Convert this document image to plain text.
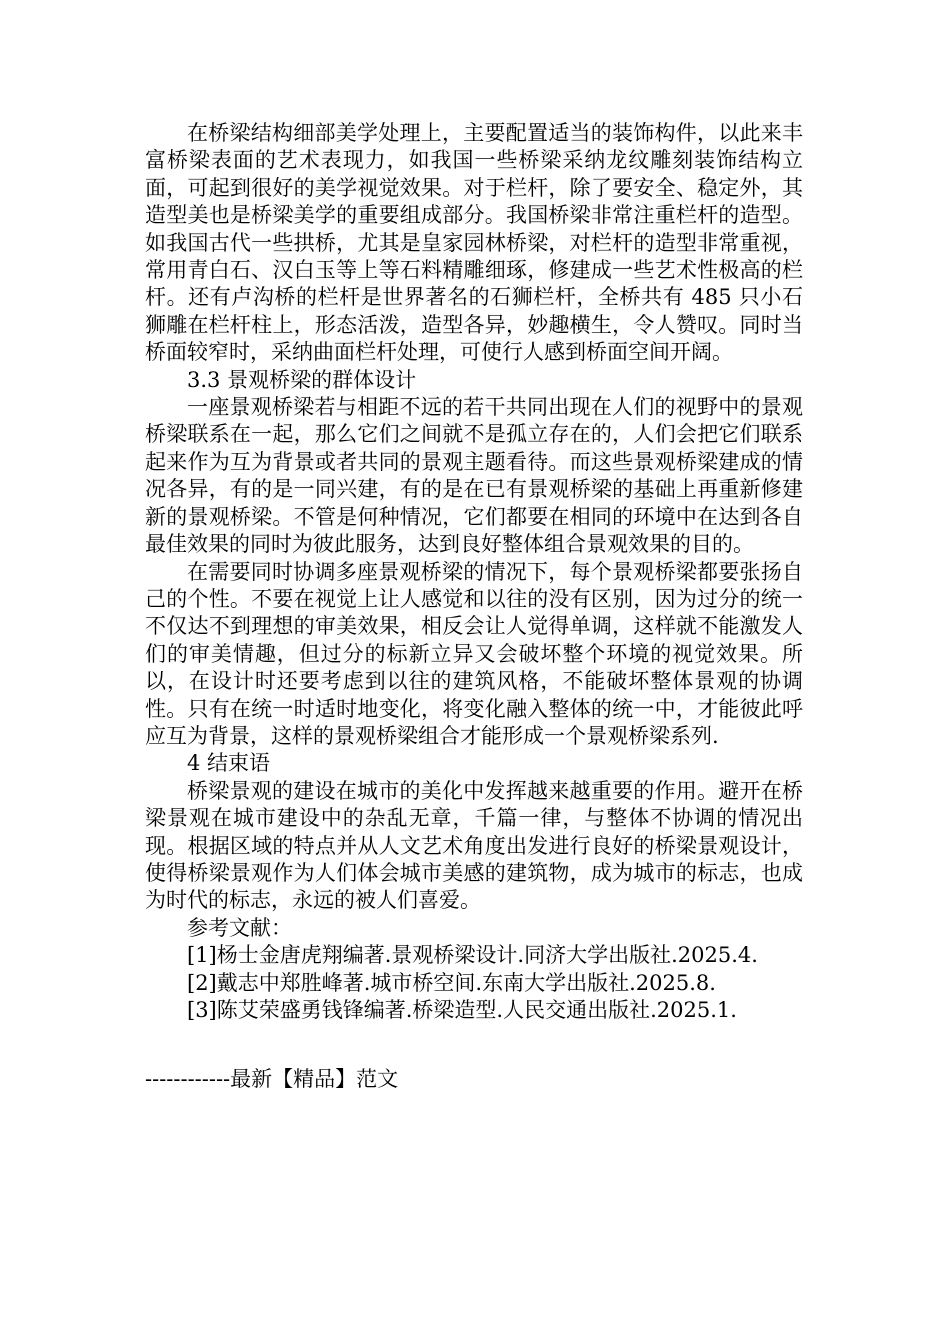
在桥梁结构细部美学处理上，主要配置适当的装饰构件，以此来丰富桥梁表面的艺术表现力，如我国一些桥梁采纳龙纹雕刻装饰结构立面，可起到很好的美学视觉效果。对于栏杆，除了要安全、稳定外，其造型美也是桥梁美学的重要组成部分。我国桥梁非常注重栏杆的造型。如我国古代一些拱桥，尤其是皇家园林桥梁，对栏杆的造型非常重视，常用青白石、汉白玉等上等石料精雕细琢，修建成一些艺术性极高的栏杆。还有卢沟桥的栏杆是世界著名的石狮栏杆，全桥共有 485 只小石狮雕在栏杆柱上，形态活泼，造型各异，妙趣横生，令人赞叹。同时当桥面较窄时，采纳曲面栏杆处理，可使行人感到桥面空间开阔。

3.3 景观桥梁的群体设计

一座景观桥梁若与相距不远的若干共同出现在人们的视野中的景观桥梁联系在一起，那么它们之间就不是孤立存在的，人们会把它们联系起来作为互为背景或者共同的景观主题看待。而这些景观桥梁建成的情况各异，有的是一同兴建，有的是在已有景观桥梁的基础上再重新修建新的景观桥梁。不管是何种情况，它们都要在相同的环境中在达到各自最佳效果的同时为彼此服务，达到良好整体组合景观效果的目的。

在需要同时协调多座景观桥梁的情况下，每个景观桥梁都要张扬自己的个性。不要在视觉上让人感觉和以往的没有区别，因为过分的统一不仅达不到理想的审美效果，相反会让人觉得单调，这样就不能激发人们的审美情趣，但过分的标新立异又会破坏整个环境的视觉效果。所以，在设计时还要考虑到以往的建筑风格，不能破坏整体景观的协调性。只有在统一时适时地变化，将变化融入整体的统一中，才能彼此呼应互为背景，这样的景观桥梁组合才能形成一个景观桥梁系列.

4 结束语

桥梁景观的建设在城市的美化中发挥越来越重要的作用。避开在桥梁景观在城市建设中的杂乱无章，千篇一律，与整体不协调的情况出现。根据区域的特点并从人文艺术角度出发进行良好的桥梁景观设计，使得桥梁景观作为人们体会城市美感的建筑物，成为城市的标志，也成为时代的标志，永远的被人们喜爱。

参考文献：

[1]杨士金唐虎翔编著.景观桥梁设计.同济大学出版社.2025.4.

[2]戴志中郑胜峰著.城市桥空间.东南大学出版社.2025.8.

[3]陈艾荣盛勇钱锋编著.桥梁造型.人民交通出版社.2025.1.

------------最新【精品】范文
